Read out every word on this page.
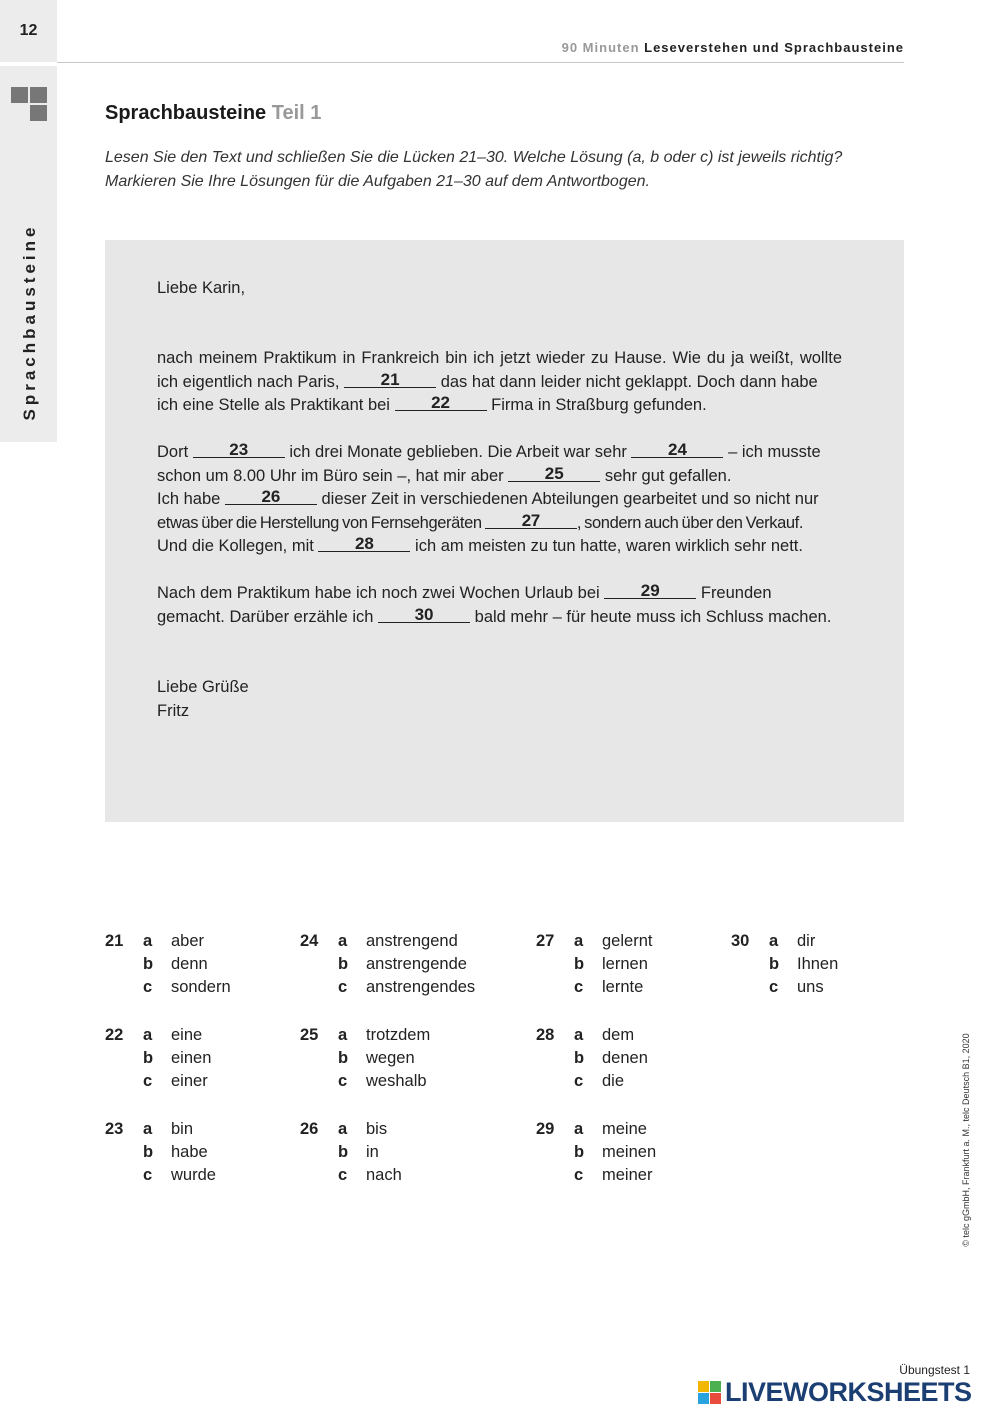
12
Sprachbausteine
90 Minuten Leseverstehen und Sprachbausteine
Sprachbausteine Teil 1
Lesen Sie den Text und schließen Sie die Lücken 21–30. Welche Lösung (a, b oder c) ist jeweils richtig?
Markieren Sie Ihre Lösungen für die Aufgaben 21–30 auf dem Antwortbogen.

Liebe Karin,

nach meinem Praktikum in Frankreich bin ich jetzt wieder zu Hause. Wie du ja weißt, wollte
ich eigentlich nach Paris, 21 das hat dann leider nicht geklappt. Doch dann habe
ich eine Stelle als Praktikant bei 22 Firma in Straßburg gefunden.

Dort 23 ich drei Monate geblieben. Die Arbeit war sehr 24 – ich musste
schon um 8.00 Uhr im Büro sein –, hat mir aber 25 sehr gut gefallen.
Ich habe 26 dieser Zeit in verschiedenen Abteilungen gearbeitet und so nicht nur
etwas über die Herstellung von Fernsehgeräten 27 , sondern auch über den Verkauf.
Und die Kollegen, mit 28 ich am meisten zu tun hatte, waren wirklich sehr nett.

Nach dem Praktikum habe ich noch zwei Wochen Urlaub bei 29 Freunden
gemacht. Darüber erzähle ich 30 bald mehr – für heute muss ich Schluss machen.

Liebe Grüße
Fritz

21 a aber
b denn
c sondern
22 a eine
b einen
c einer
23 a bin
b habe
c wurde
24 a anstrengend
b anstrengende
c anstrengendes
25 a trotzdem
b wegen
c weshalb
26 a bis
b in
c nach
27 a gelernt
b lernen
c lernte
28 a dem
b denen
c die
29 a meine
b meinen
c meiner
30 a dir
b Ihnen
c uns
© telc gGmbH, Frankfurt a. M., telc Deutsch B1, 2020
Übungstest 1
LIVEWORKSHEETS
